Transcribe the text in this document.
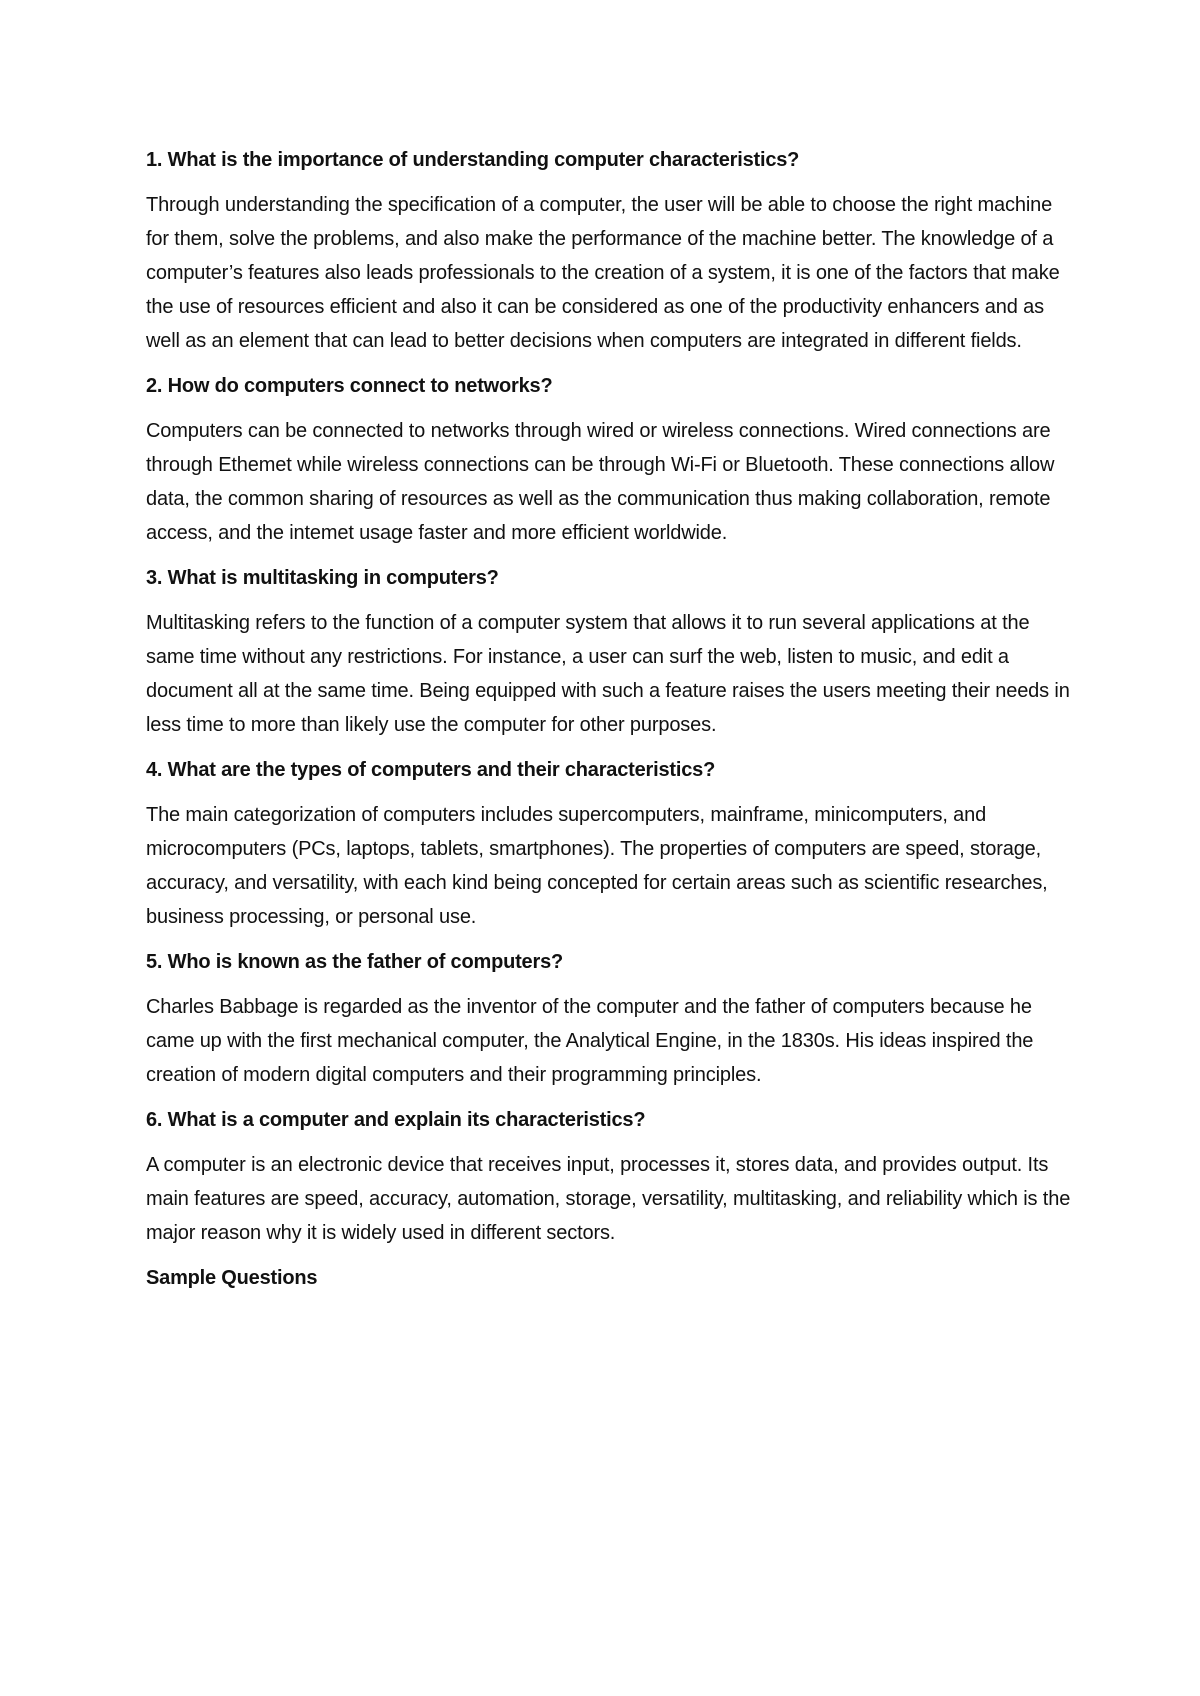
1. What is the importance of understanding computer characteristics?

Through understanding the specification of a computer, the user will be able to choose the right machine for them, solve the problems, and also make the performance of the machine better. The knowledge of a computer’s features also leads professionals to the creation of a system, it is one of the factors that make the use of resources efficient and also it can be considered as one of the productivity enhancers and as well as an element that can lead to better decisions when computers are integrated in different fields.

2. How do computers connect to networks?

Computers can be connected to networks through wired or wireless connections. Wired connections are through Ethemet while wireless connections can be through Wi-Fi or Bluetooth. These connections allow data, the common sharing of resources as well as the communication thus making collaboration, remote access, and the intemet usage faster and more efficient worldwide.

3. What is multitasking in computers?

Multitasking refers to the function of a computer system that allows it to run several applications at the same time without any restrictions. For instance, a user can surf the web, listen to music, and edit a document all at the same time. Being equipped with such a feature raises the users meeting their needs in less time to more than likely use the computer for other purposes.

4. What are the types of computers and their characteristics?

The main categorization of computers includes supercomputers, mainframe, minicomputers, and microcomputers (PCs, laptops, tablets, smartphones). The properties of computers are speed, storage, accuracy, and versatility, with each kind being concepted for certain areas such as scientific researches, business processing, or personal use.

5. Who is known as the father of computers?

Charles Babbage is regarded as the inventor of the computer and the father of computers because he came up with the first mechanical computer, the Analytical Engine, in the 1830s. His ideas inspired the creation of modern digital computers and their programming principles.

6. What is a computer and explain its characteristics?

A computer is an electronic device that receives input, processes it, stores data, and provides output. Its main features are speed, accuracy, automation, storage, versatility, multitasking, and reliability which is the major reason why it is widely used in different sectors.

Sample Questions
